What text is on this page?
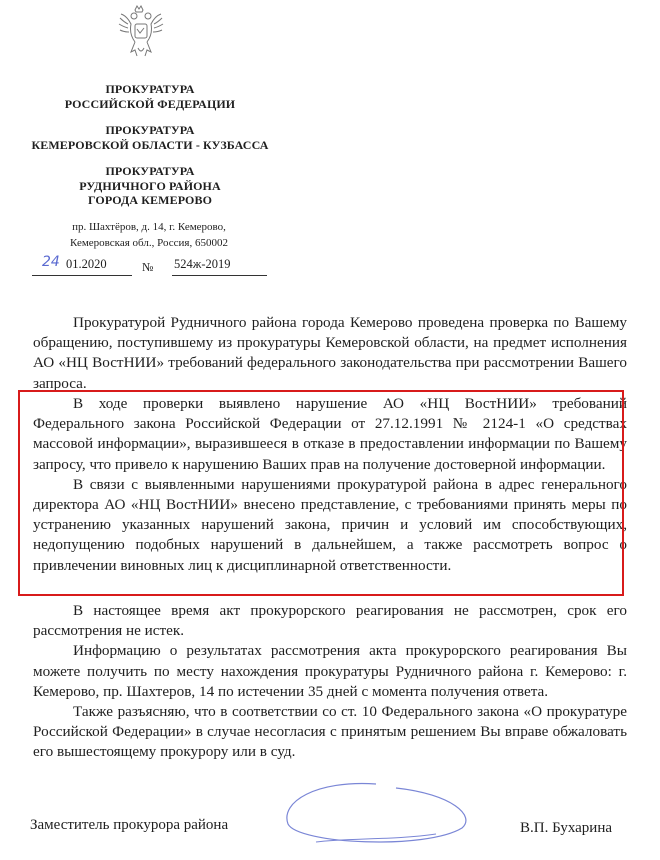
ПРОКУРАТУРА
РОССИЙСКОЙ ФЕДЕРАЦИИ
ПРОКУРАТУРА
КЕМЕРОВСКОЙ ОБЛАСТИ - КУЗБАССА
ПРОКУРАТУРА
РУДНИЧНОГО РАЙОНА
ГОРОДА КЕМЕРОВО
пр. Шахтёров, д. 14, г. Кемерово,
Кемеровская обл., Россия, 650002
24 01.2020	№ 524ж-2019

Прокуратурой Рудничного района города Кемерово проведена проверка по Вашему обращению, поступившему из прокуратуры Кемеровской области, на предмет исполнения АО «НЦ ВостНИИ» требований федерального законодательства при рассмотрении Вашего запроса.

В ходе проверки выявлено нарушение АО «НЦ ВостНИИ» требований Федерального закона Российской Федерации от 27.12.1991 № 2124-1 «О средствах массовой информации», выразившееся в отказе в предоставлении информации по Вашему запросу, что привело к нарушению Ваших прав на получение достоверной информации.

В связи с выявленными нарушениями прокуратурой района в адрес генерального директора АО «НЦ ВостНИИ» внесено представление, с требованиями принять меры по устранению указанных нарушений закона, причин и условий им способствующих, недопущению подобных нарушений в дальнейшем, а также рассмотреть вопрос о привлечении виновных лиц к дисциплинарной ответственности.

В настоящее время акт прокурорского реагирования не рассмотрен, срок его рассмотрения не истек.

Информацию о результатах рассмотрения акта прокурорского реагирования Вы можете получить по месту нахождения прокуратуры Рудничного района г. Кемерово: г. Кемерово, пр. Шахтеров, 14 по истечении 35 дней с момента получения ответа.

Также разъясняю, что в соответствии со ст. 10 Федерального закона «О прокуратуре Российской Федерации» в случае несогласия с принятым решением Вы вправе обжаловать его вышестоящему прокурору или в суд.

Заместитель прокурора района	В.П. Бухарина
